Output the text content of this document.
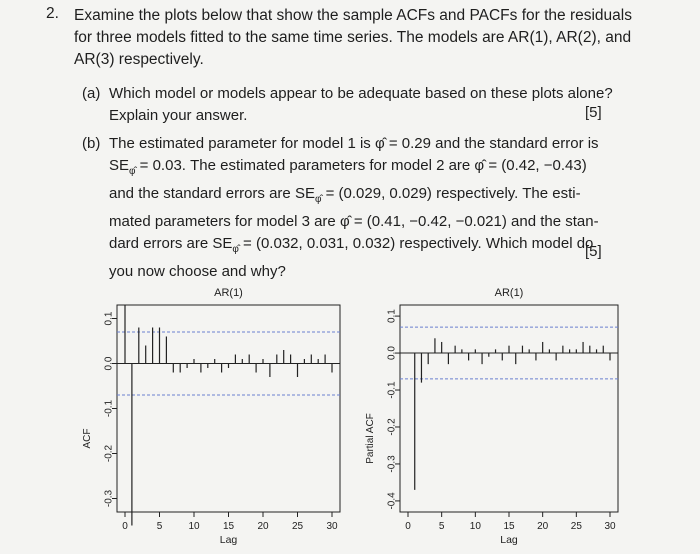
2. Examine the plots below that show the sample ACFs and PACFs for the residuals
for three models fitted to the same time series. The models are AR(1), AR(2), and
AR(3) respectively.
(a) Which model or models appear to be adequate based on these plots alone?
Explain your answer.	[5]
(b) The estimated parameter for model 1 is φ̂ = 0.29 and the standard error is
$SE_{\varphî} = 0.03$. The estimated parameters for model 2 are φ̂ = (0.42, −0.43)
and the standard errors are $SE_{\varphî} = (0.029$, 0.029) respectively. The esti-
mated parameters for model 3 are φ̂ = (0.41, −0.42, −0.021) and the stan-
dard errors are $SE_{\varphî} = (0.032$, 0.031, 0.032) respectively. Which model do
you now choose and why?
[5]
AR(1)
0	5	10 15 20 25 30
-0.3
-0.2
-0.1
0.0
0.1
Lag
ACF
AR(1)
0	5	10 15 20 25 30
-0.4
-0.3
-0.2
-0.1
0.0
0.1
Lag
Partial ACF
